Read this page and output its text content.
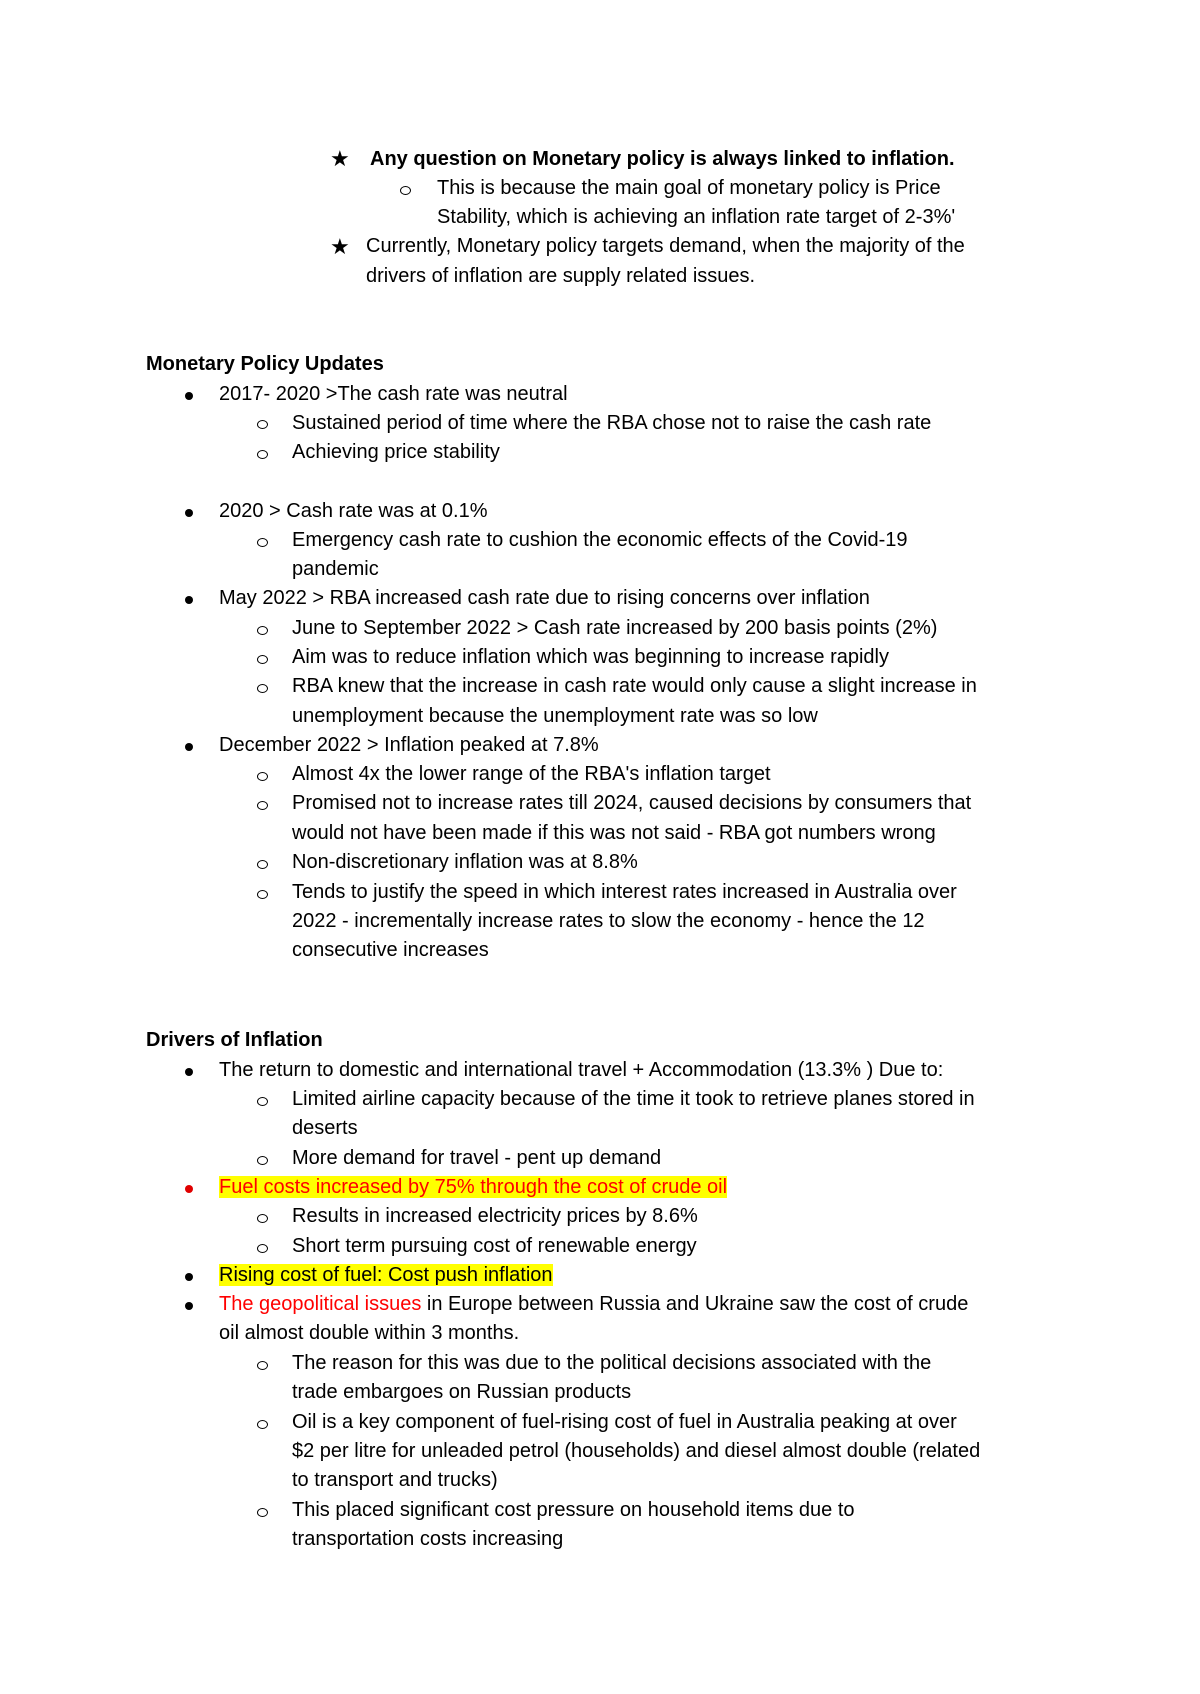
★ Any question on Monetary policy is always linked to inflation.
This is because the main goal of monetary policy is Price
Stability, which is achieving an inflation rate target of 2-3%'
★ Currently, Monetary policy targets demand, when the majority of the
drivers of inflation are supply related issues.
Monetary Policy Updates
2017- 2020 >The cash rate was neutral
Sustained period of time where the RBA chose not to raise the cash rate
Achieving price stability
2020 > Cash rate was at 0.1%
Emergency cash rate to cushion the economic effects of the Covid-19
pandemic
May 2022 > RBA increased cash rate due to rising concerns over inflation
June to September 2022 > Cash rate increased by 200 basis points (2%)
Aim was to reduce inflation which was beginning to increase rapidly
RBA knew that the increase in cash rate would only cause a slight increase in
unemployment because the unemployment rate was so low
December 2022 > Inflation peaked at 7.8%
Almost 4x the lower range of the RBA's inflation target
Promised not to increase rates till 2024, caused decisions by consumers that
would not have been made if this was not said - RBA got numbers wrong
Non-discretionary inflation was at 8.8%
Tends to justify the speed in which interest rates increased in Australia over
2022 - incrementally increase rates to slow the economy - hence the 12
consecutive increases
Drivers of Inflation
The return to domestic and international travel + Accommodation (13.3% ) Due to:
Limited airline capacity because of the time it took to retrieve planes stored in
deserts
More demand for travel - pent up demand
Fuel costs increased by 75% through the cost of crude oil
Results in increased electricity prices by 8.6%
Short term pursuing cost of renewable energy
Rising cost of fuel: Cost push inflation
The geopolitical issues in Europe between Russia and Ukraine saw the cost of crude
oil almost double within 3 months.
The reason for this was due to the political decisions associated with the
trade embargoes on Russian products
Oil is a key component of fuel-rising cost of fuel in Australia peaking at over
$2 per litre for unleaded petrol (households) and diesel almost double (related
to transport and trucks)
This placed significant cost pressure on household items due to
transportation costs increasing
